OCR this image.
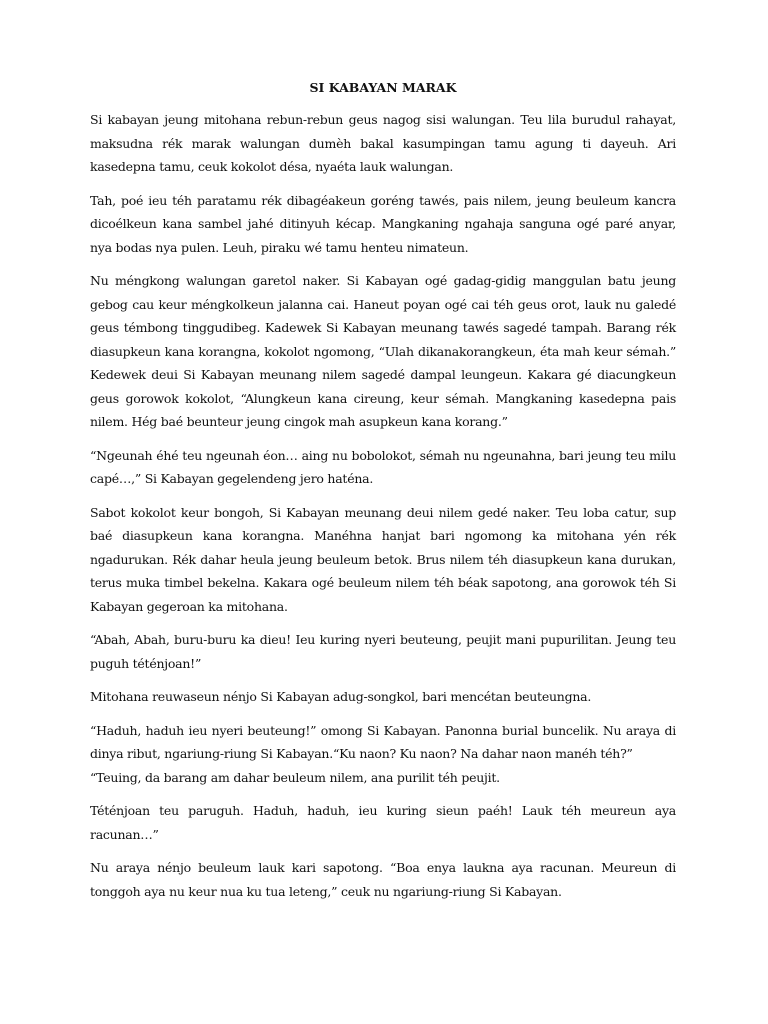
SI KABAYAN MARAK

Si kabayan jeung mitohana rebun-rebun geus nagog sisi walungan. Teu lila burudul rahayat, maksudna rék marak walungan dumèh bakal kasumpingan tamu agung ti dayeuh. Ari kasedepna tamu, ceuk kokolot désa, nyaéta lauk walungan.

Tah, poé ieu téh paratamu rék dibagéakeun goréng tawés, pais nilem, jeung beuleum kancra dicoélkeun kana sambel jahé ditinyuh kécap. Mangkaning ngahaja sanguna ogé paré anyar, nya bodas nya pulen. Leuh, piraku wé tamu henteu nimateun.

Nu méngkong walungan garetol naker. Si Kabayan ogé gadag-gidig manggulan batu jeung gebog cau keur méngkolkeun jalanna cai. Haneut poyan ogé cai téh geus orot, lauk nu galedé geus témbong tinggudibeg. Kadewek Si Kabayan meunang tawés sagedé tampah. Barang rék diasupkeun kana korangna, kokolot ngomong, “Ulah dikanakorangkeun, éta mah keur sémah.” Kedewek deui Si Kabayan meunang nilem sagedé dampal leungeun. Kakara gé diacungkeun geus gorowok kokolot, “Alungkeun kana cireung, keur sémah. Mangkaning kasedepna pais nilem. Hég baé beunteur jeung cingok mah asupkeun kana korang.”

“Ngeunah éhé teu ngeunah éon… aing nu bobolokot, sémah nu ngeunahna, bari jeung teu milu capé…,” Si Kabayan gegelendeng jero haténa.

Sabot kokolot keur bongoh, Si Kabayan meunang deui nilem gedé naker. Teu loba catur, sup baé diasupkeun kana korangna. Manéhna hanjat bari ngomong ka mitohana yén rék ngadurukan. Rék dahar heula jeung beuleum betok. Brus nilem téh diasupkeun kana durukan, terus muka timbel bekelna. Kakara ogé beuleum nilem téh béak sapotong, ana gorowok téh Si Kabayan gegeroan ka mitohana.

“Abah, Abah, buru-buru ka dieu! Ieu kuring nyeri beuteung, peujit mani pupurilitan. Jeung teu puguh téténjoan!”

Mitohana reuwaseun nénjo Si Kabayan adug-songkol, bari mencétan beuteungna.

“Haduh, haduh ieu nyeri beuteung!” omong Si Kabayan. Panonna burial buncelik. Nu araya di dinya ribut, ngariung-riung Si Kabayan.“Ku naon? Ku naon? Na dahar naon manéh téh?”
“Teuing, da barang am dahar beuleum nilem, ana purilit téh peujit.

Téténjoan teu paruguh. Haduh, haduh, ieu kuring sieun paéh! Lauk téh meureun aya racunan…”

Nu araya nénjo beuleum lauk kari sapotong. “Boa enya laukna aya racunan. Meureun di tonggoh aya nu keur nua ku tua leteng,” ceuk nu ngariung-riung Si Kabayan.
